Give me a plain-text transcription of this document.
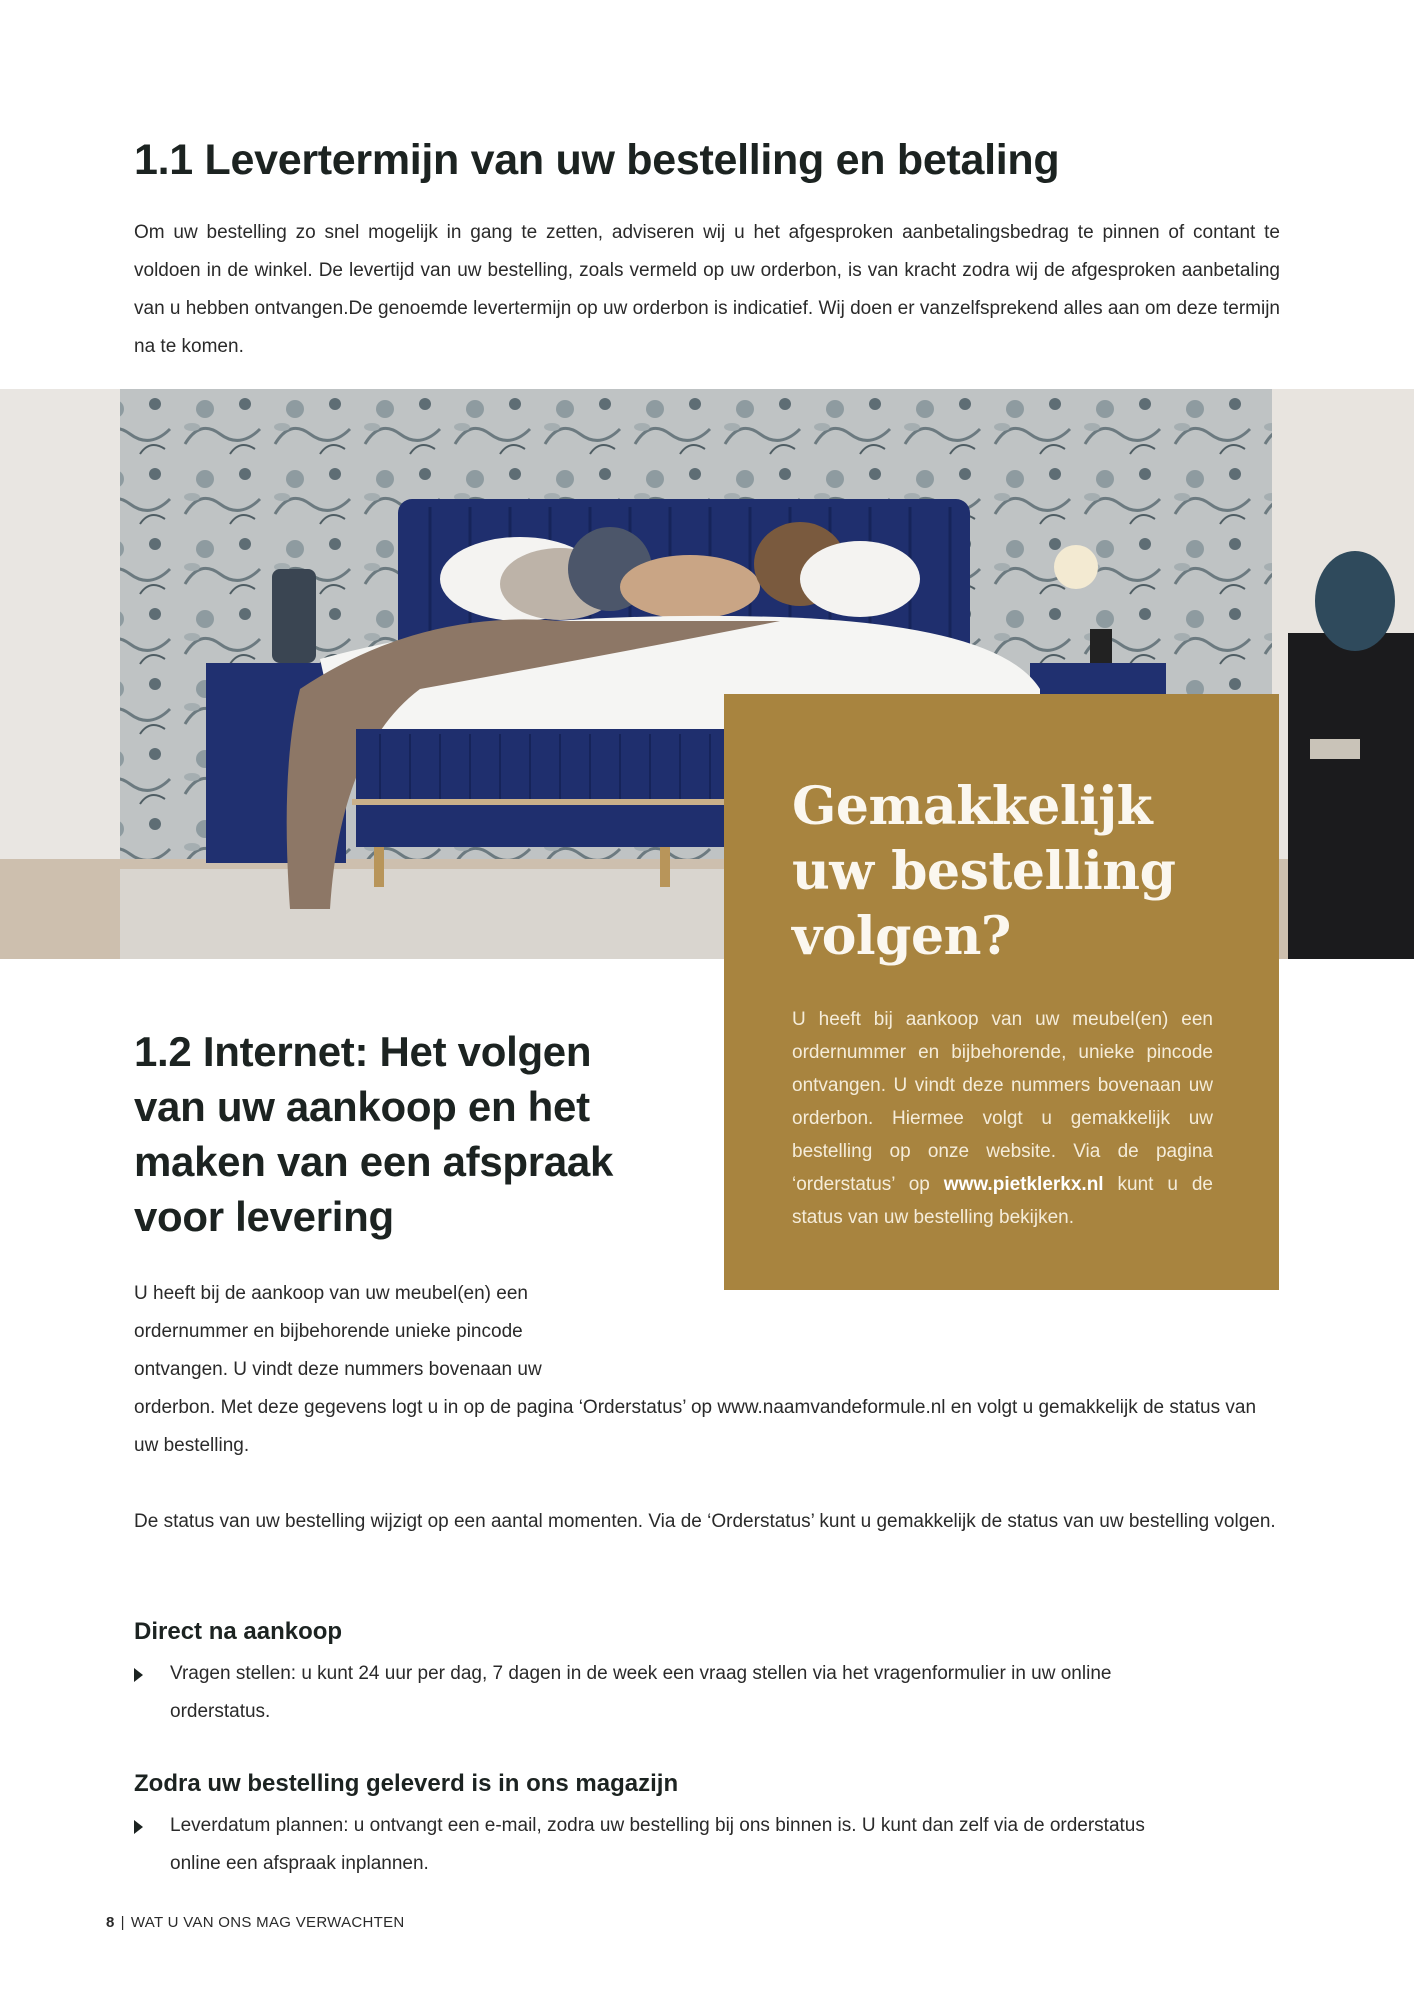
1.1 Levertermijn van uw bestelling en betaling

Om uw bestelling zo snel mogelijk in gang te zetten, adviseren wij u het afgesproken aanbetalingsbedrag te pinnen of contant te voldoen in de winkel. De levertijd van uw bestelling, zoals vermeld op uw orderbon, is van kracht zodra wij de afgesproken aanbetaling van u hebben ontvangen.De genoemde levertermijn op uw orderbon is indicatief. Wij doen er vanzelfsprekend alles aan om deze termijn na te komen.

Gemakkelijk uw bestelling volgen?

U heeft bij aankoop van uw meubel(en) een ordernummer en bijbehorende, unieke pincode ontvangen. U vindt deze nummers bovenaan uw orderbon. Hiermee volgt u gemakkelijk uw bestelling op onze website. Via de pagina ‘orderstatus’ op www.pietklerkx.nl kunt u de status van uw bestelling bekijken.

1.2 Internet: Het volgen van uw aankoop en het maken van een afspraak voor levering

U heeft bij de aankoop van uw meubel(en) een ordernummer en bijbehorende unieke pincode ontvangen. U vindt deze nummers bovenaan uw

orderbon. Met deze gegevens logt u in op de pagina ‘Orderstatus’ op www.naamvandeformule.nl en volgt u gemakkelijk de status van uw bestelling.

De status van uw bestelling wijzigt op een aantal momenten. Via de ‘Orderstatus’ kunt u gemakkelijk de status van uw bestelling volgen.

Direct na aankoop
Vragen stellen: u kunt 24 uur per dag, 7 dagen in de week een vraag stellen via het vragenformulier in uw online orderstatus.
Zodra uw bestelling geleverd is in ons magazijn
Leverdatum plannen: u ontvangt een e-mail, zodra uw bestelling bij ons binnen is. U kunt dan zelf via de orderstatus online een afspraak inplannen.
8 | WAT U VAN ONS MAG VERWACHTEN
